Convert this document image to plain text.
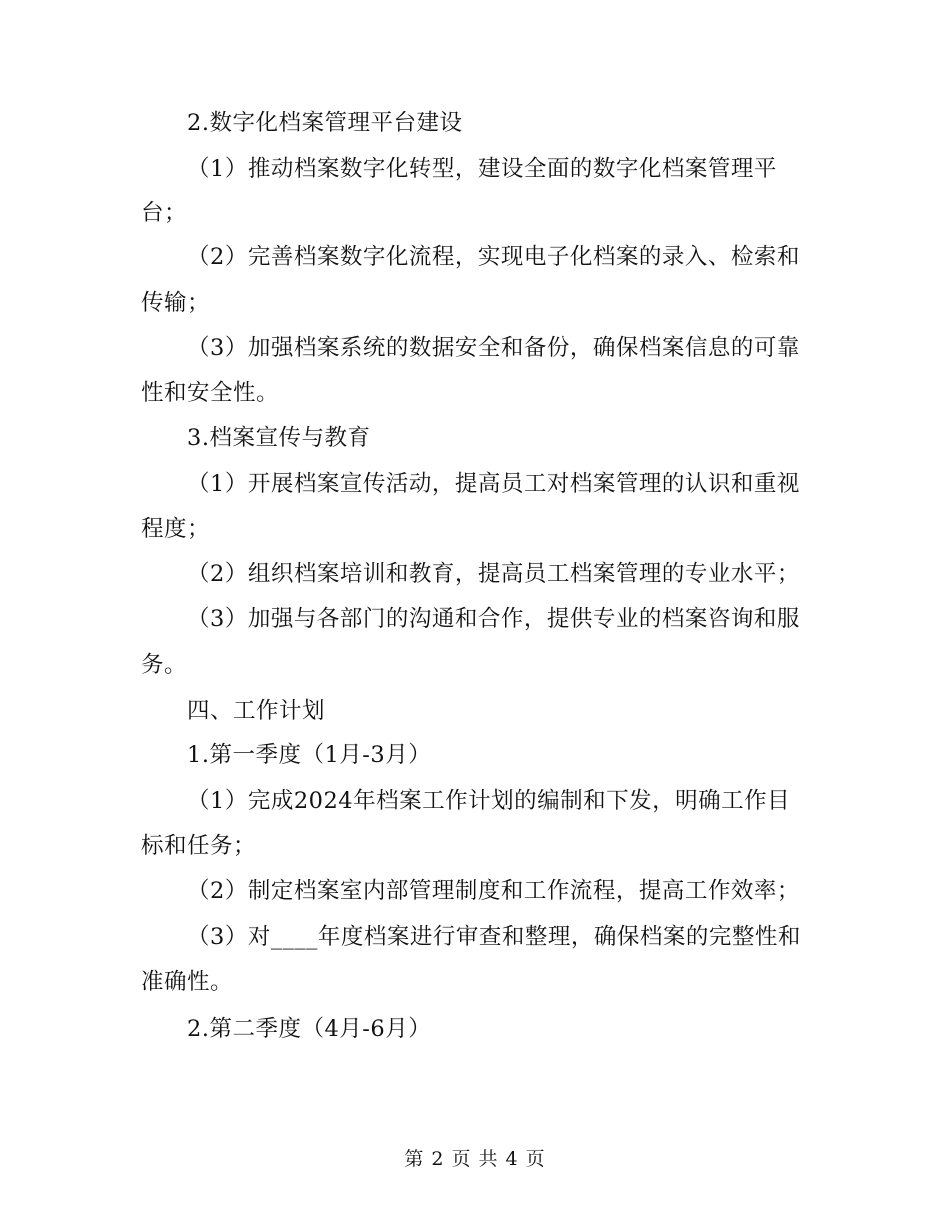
2.数字化档案管理平台建设
（1）推动档案数字化转型，建设全面的数字化档案管理平
台；
（2）完善档案数字化流程，实现电子化档案的录入、检索和
传输；
（3）加强档案系统的数据安全和备份，确保档案信息的可靠
性和安全性。
3.档案宣传与教育
（1）开展档案宣传活动，提高员工对档案管理的认识和重视
程度；
（2）组织档案培训和教育，提高员工档案管理的专业水平；
（3）加强与各部门的沟通和合作，提供专业的档案咨询和服
务。
四、工作计划
1.第一季度（1月-3月）
（1）完成2024年档案工作计划的编制和下发，明确工作目
标和任务；
（2）制定档案室内部管理制度和工作流程，提高工作效率；
（3）对____年度档案进行审查和整理，确保档案的完整性和
准确性。
2.第二季度（4月-6月）
第 2 页 共 4 页
